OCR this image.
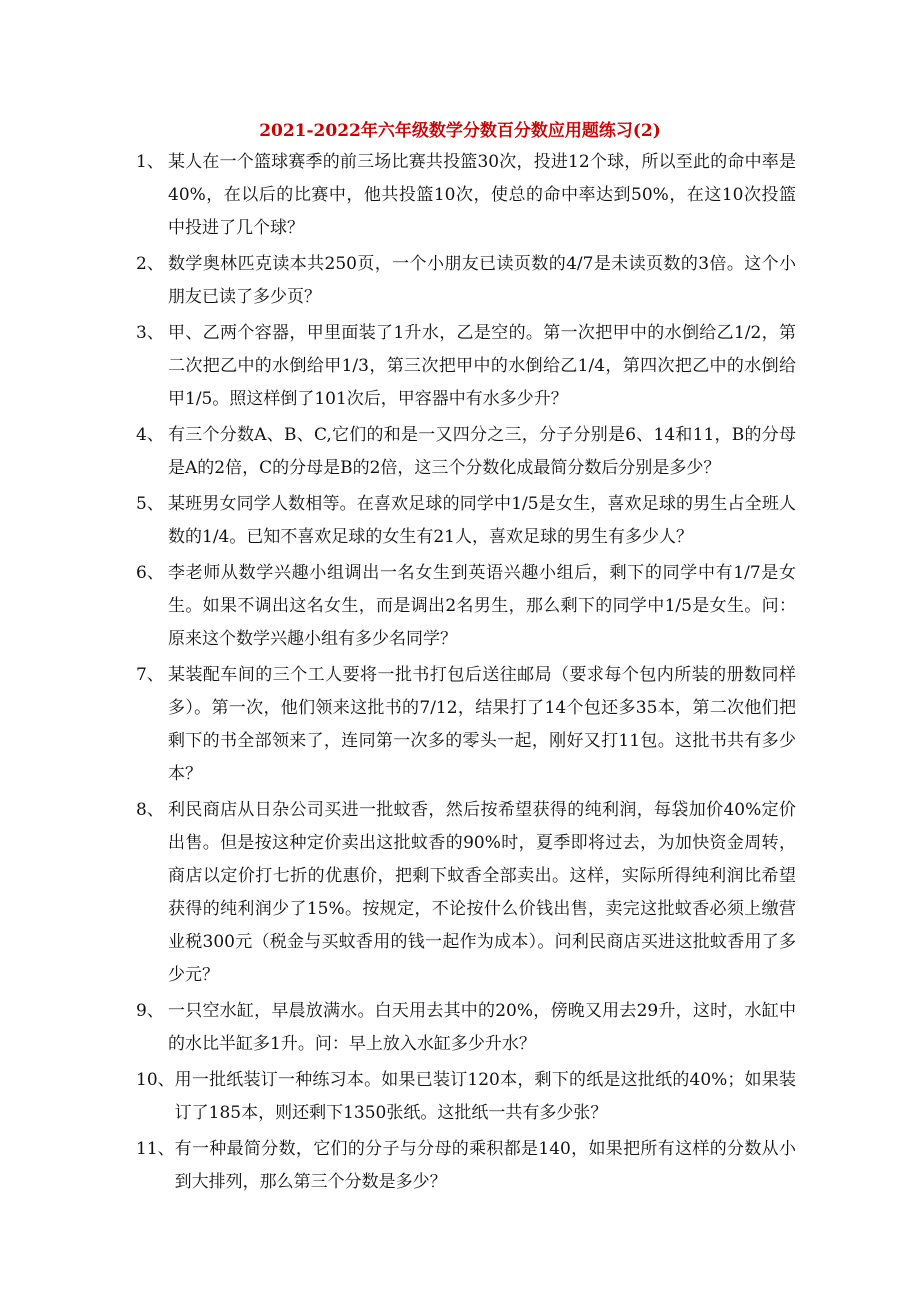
2021-2022年六年级数学分数百分数应用题练习(2)
1、 某人在一个篮球赛季的前三场比赛共投篮30次，投进12个球，所以至此的命中率是40%，在以后的比赛中，他共投篮10次，使总的命中率达到50%，在这10次投篮中投进了几个球？
2、 数学奥林匹克读本共250页，一个小朋友已读页数的4/7是未读页数的3倍。这个小朋友已读了多少页？
3、 甲、乙两个容器，甲里面装了1升水，乙是空的。第一次把甲中的水倒给乙1/2，第二次把乙中的水倒给甲1/3，第三次把甲中的水倒给乙1/4，第四次把乙中的水倒给甲1/5。照这样倒了101次后，甲容器中有水多少升？
4、 有三个分数A、B、C,它们的和是一又四分之三，分子分别是6、14和11，B的分母是A的2倍，C的分母是B的2倍，这三个分数化成最简分数后分别是多少？
5、 某班男女同学人数相等。在喜欢足球的同学中1/5是女生，喜欢足球的男生占全班人数的1/4。已知不喜欢足球的女生有21人，喜欢足球的男生有多少人？
6、 李老师从数学兴趣小组调出一名女生到英语兴趣小组后，剩下的同学中有1/7是女生。如果不调出这名女生，而是调出2名男生，那么剩下的同学中1/5是女生。问：原来这个数学兴趣小组有多少名同学？
7、 某装配车间的三个工人要将一批书打包后送往邮局（要求每个包内所装的册数同样多）。第一次，他们领来这批书的7/12，结果打了14个包还多35本，第二次他们把剩下的书全部领来了，连同第一次多的零头一起，刚好又打11包。这批书共有多少本？
8、 利民商店从日杂公司买进一批蚊香，然后按希望获得的纯利润，每袋加价40%定价出售。但是按这种定价卖出这批蚊香的90%时，夏季即将过去，为加快资金周转，商店以定价打七折的优惠价，把剩下蚊香全部卖出。这样，实际所得纯利润比希望获得的纯利润少了15%。按规定，不论按什么价钱出售，卖完这批蚊香必须上缴营业税300元（税金与买蚊香用的钱一起作为成本）。问利民商店买进这批蚊香用了多少元？
9、 一只空水缸，早晨放满水。白天用去其中的20%，傍晚又用去29升，这时，水缸中的水比半缸多1升。问：早上放入水缸多少升水？
10、 用一批纸装订一种练习本。如果已装订120本，剩下的纸是这批纸的40%；如果装订了185本，则还剩下1350张纸。这批纸一共有多少张？
11、 有一种最简分数，它们的分子与分母的乘积都是140，如果把所有这样的分数从小到大排列，那么第三个分数是多少？
